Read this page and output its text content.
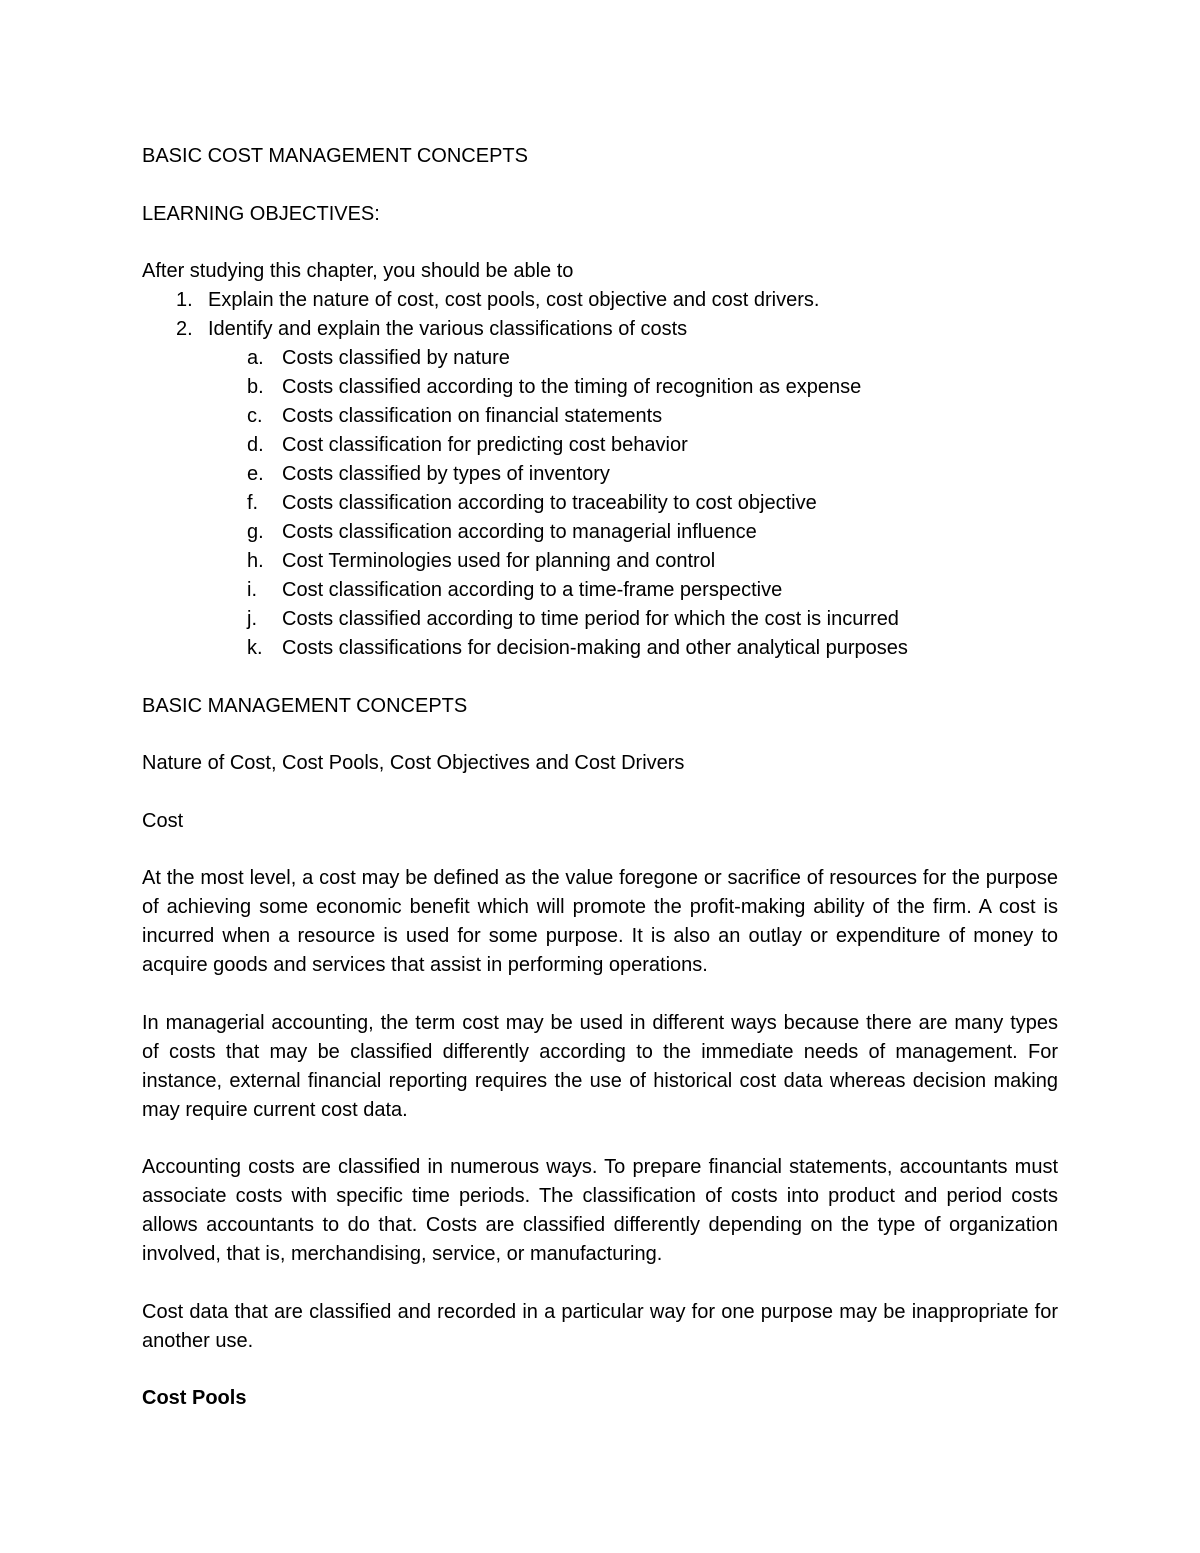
BASIC COST MANAGEMENT CONCEPTS

LEARNING OBJECTIVES:

After studying this chapter, you should be able to

1. Explain the nature of cost, cost pools, cost objective and cost drivers.
2. Identify and explain the various classifications of costs
a. Costs classified by nature
b. Costs classified according to the timing of recognition as expense
c. Costs classification on financial statements
d. Cost classification for predicting cost behavior
e. Costs classified by types of inventory
f.	Costs classification according to traceability to cost objective
g. Costs classification according to managerial influence
h. Cost Terminologies used for planning and control
i.	Cost classification according to a time-frame perspective
j.	Costs classified according to time period for which the cost is incurred
k. Costs classifications for decision-making and other analytical purposes

BASIC MANAGEMENT CONCEPTS

Nature of Cost, Cost Pools, Cost Objectives and Cost Drivers

Cost

At the most level, a cost may be defined as the value foregone or sacrifice of resources for the purpose of achieving some economic benefit which will promote the profit-making ability of the firm. A cost is incurred when a resource is used for some purpose. It is also an outlay or expenditure of money to acquire goods and services that assist in performing operations.

In managerial accounting, the term cost may be used in different ways because there are many types of costs that may be classified differently according to the immediate needs of management. For instance, external financial reporting requires the use of historical cost data whereas decision making may require current cost data.

Accounting costs are classified in numerous ways. To prepare financial statements, accountants must associate costs with specific time periods. The classification of costs into product and period costs allows accountants to do that. Costs are classified differently depending on the type of organization involved, that is, merchandising, service, or manufacturing.

Cost data that are classified and recorded in a particular way for one purpose may be inappropriate for another use.

Cost Pools
